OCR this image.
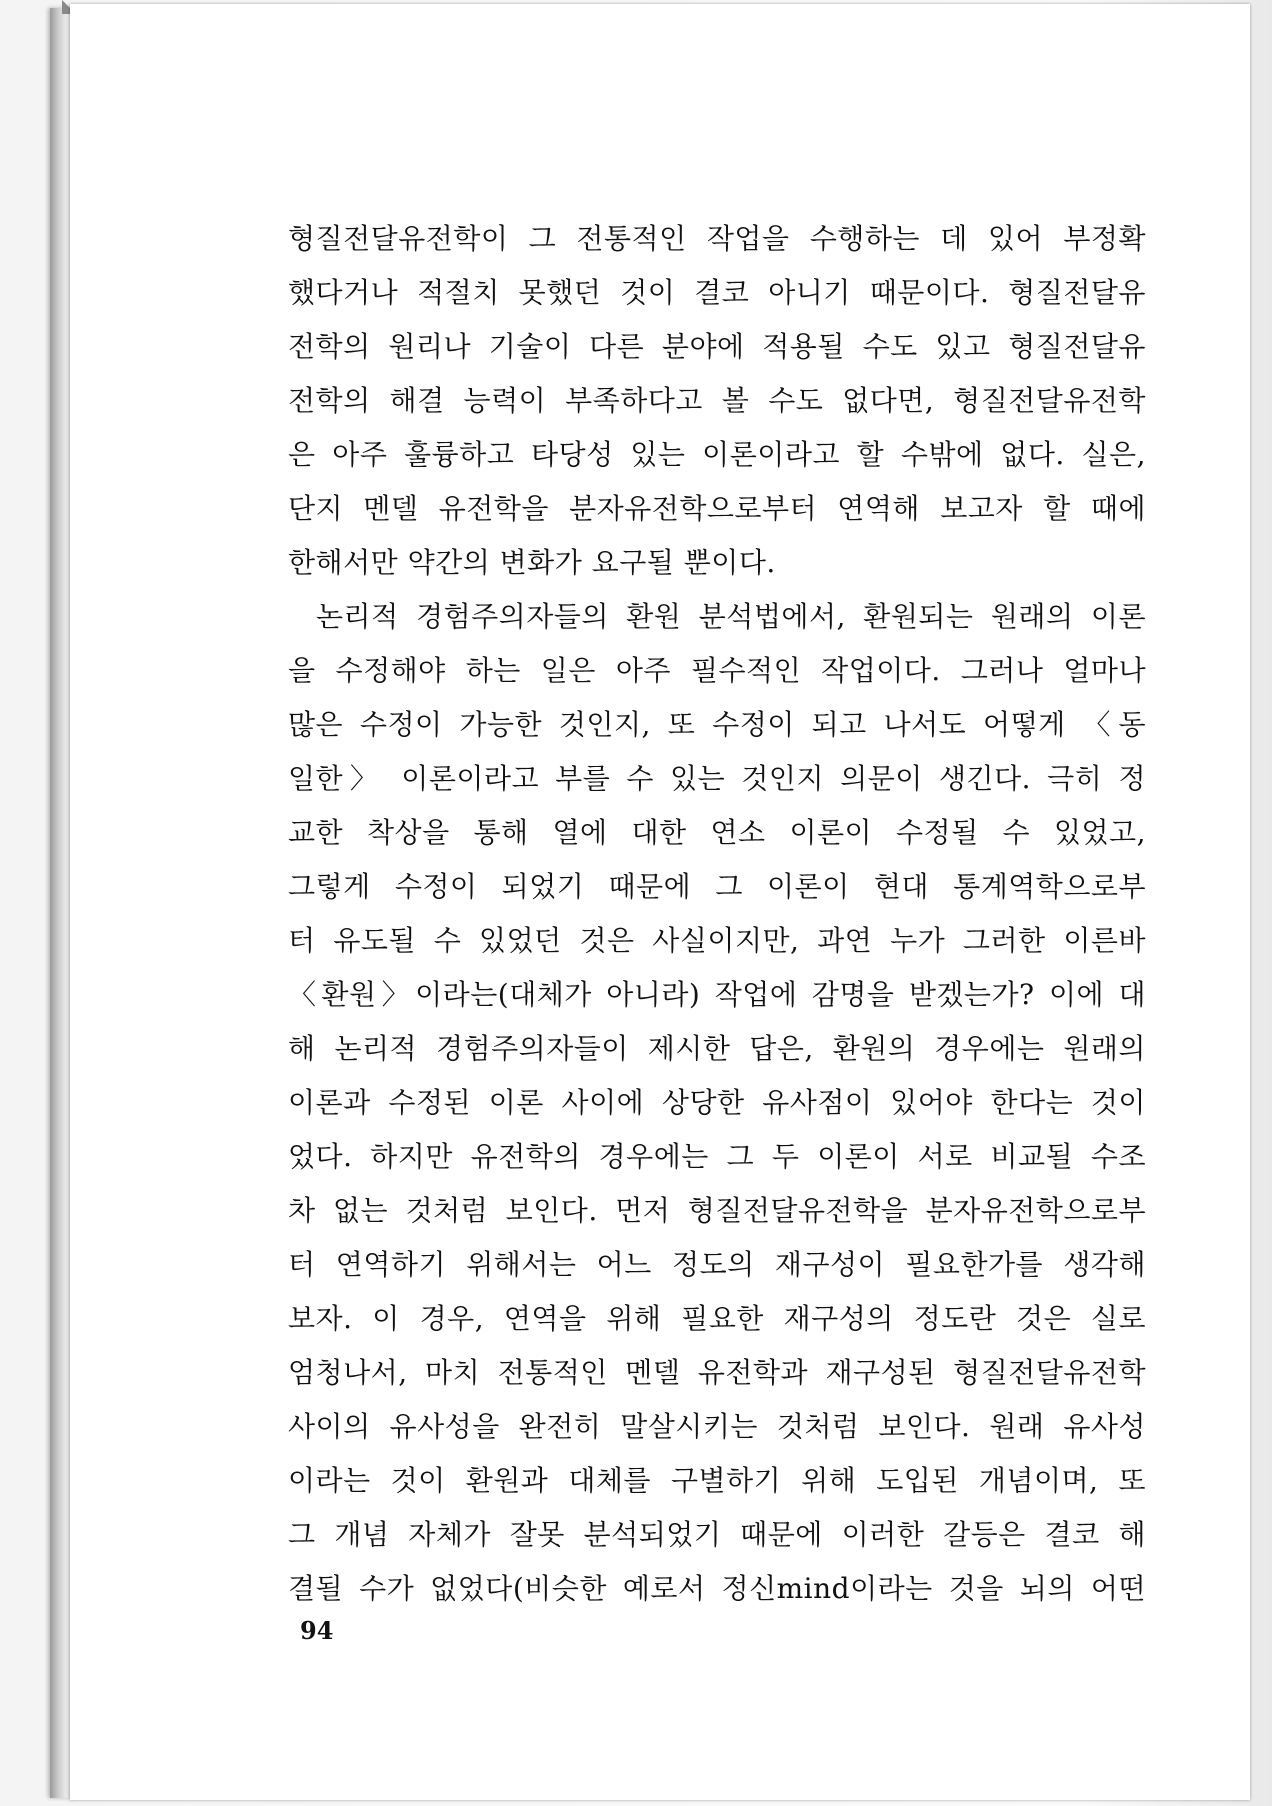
형질전달유전학이 그 전통적인 작업을 수행하는 데 있어 부정확
했다거나 적절치 못했던 것이 결코 아니기 때문이다. 형질전달유
전학의 원리나 기술이 다른 분야에 적용될 수도 있고 형질전달유
전학의 해결 능력이 부족하다고 볼 수도 없다면, 형질전달유전학
은 아주 훌륭하고 타당성 있는 이론이라고 할 수밖에 없다. 실은,
단지 멘델 유전학을 분자유전학으로부터 연역해 보고자 할 때에
한해서만 약간의 변화가 요구될 뿐이다.
논리적 경험주의자들의 환원 분석법에서, 환원되는 원래의 이론
을 수정해야 하는 일은 아주 필수적인 작업이다. 그러나 얼마나
많은 수정이 가능한 것인지, 또 수정이 되고 나서도 어떻게 〈동
일한〉 이론이라고 부를 수 있는 것인지 의문이 생긴다. 극히 정
교한 착상을 통해 열에 대한 연소 이론이 수정될 수 있었고,
그렇게 수정이 되었기 때문에 그 이론이 현대 통계역학으로부
터 유도될 수 있었던 것은 사실이지만, 과연 누가 그러한 이른바
〈환원〉이라는(대체가 아니라) 작업에 감명을 받겠는가? 이에 대
해 논리적 경험주의자들이 제시한 답은, 환원의 경우에는 원래의
이론과 수정된 이론 사이에 상당한 유사점이 있어야 한다는 것이
었다. 하지만 유전학의 경우에는 그 두 이론이 서로 비교될 수조
차 없는 것처럼 보인다. 먼저 형질전달유전학을 분자유전학으로부
터 연역하기 위해서는 어느 정도의 재구성이 필요한가를 생각해
보자. 이 경우, 연역을 위해 필요한 재구성의 정도란 것은 실로
엄청나서, 마치 전통적인 멘델 유전학과 재구성된 형질전달유전학
사이의 유사성을 완전히 말살시키는 것처럼 보인다. 원래 유사성
이라는 것이 환원과 대체를 구별하기 위해 도입된 개념이며, 또
그 개념 자체가 잘못 분석되었기 때문에 이러한 갈등은 결코 해
결될 수가 없었다(비슷한 예로서 정신mind이라는 것을 뇌의 어떤
94
